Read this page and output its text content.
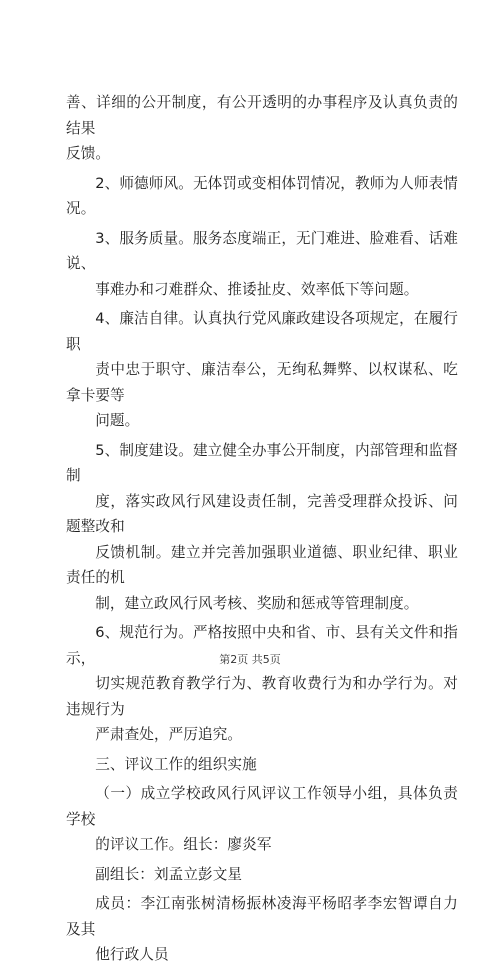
善、详细的公开制度，有公开透明的办事程序及认真负责的结果
反馈。
2、师德师风。无体罚或变相体罚情况，教师为人师表情况。
3、服务质量。服务态度端正，无门难进、脸难看、话难说、
事难办和刁难群众、推诿扯皮、效率低下等问题。
4、廉洁自律。认真执行党风廉政建设各项规定，在履行职
责中忠于职守、廉洁奉公，无绚私舞弊、以权谋私、吃拿卡要等
问题。
5、制度建设。建立健全办事公开制度，内部管理和监督制
度，落实政风行风建设责任制，完善受理群众投诉、问题整改和
反馈机制。建立并完善加强职业道德、职业纪律、职业责任的机
制，建立政风行风考核、奖励和惩戒等管理制度。
6、规范行为。严格按照中央和省、市、县有关文件和指示，
切实规范教育教学行为、教育收费行为和办学行为。对违规行为
严肃查处，严厉追究。
三、评议工作的组织实施
（一）成立学校政风行风评议工作领导小组，具体负责学校
的评议工作。组长：廖炎军
副组长：刘孟立彭文星
成员：李江南张树清杨振林凌海平杨昭孝李宏智谭自力及其
他行政人员
第2页 共5页
